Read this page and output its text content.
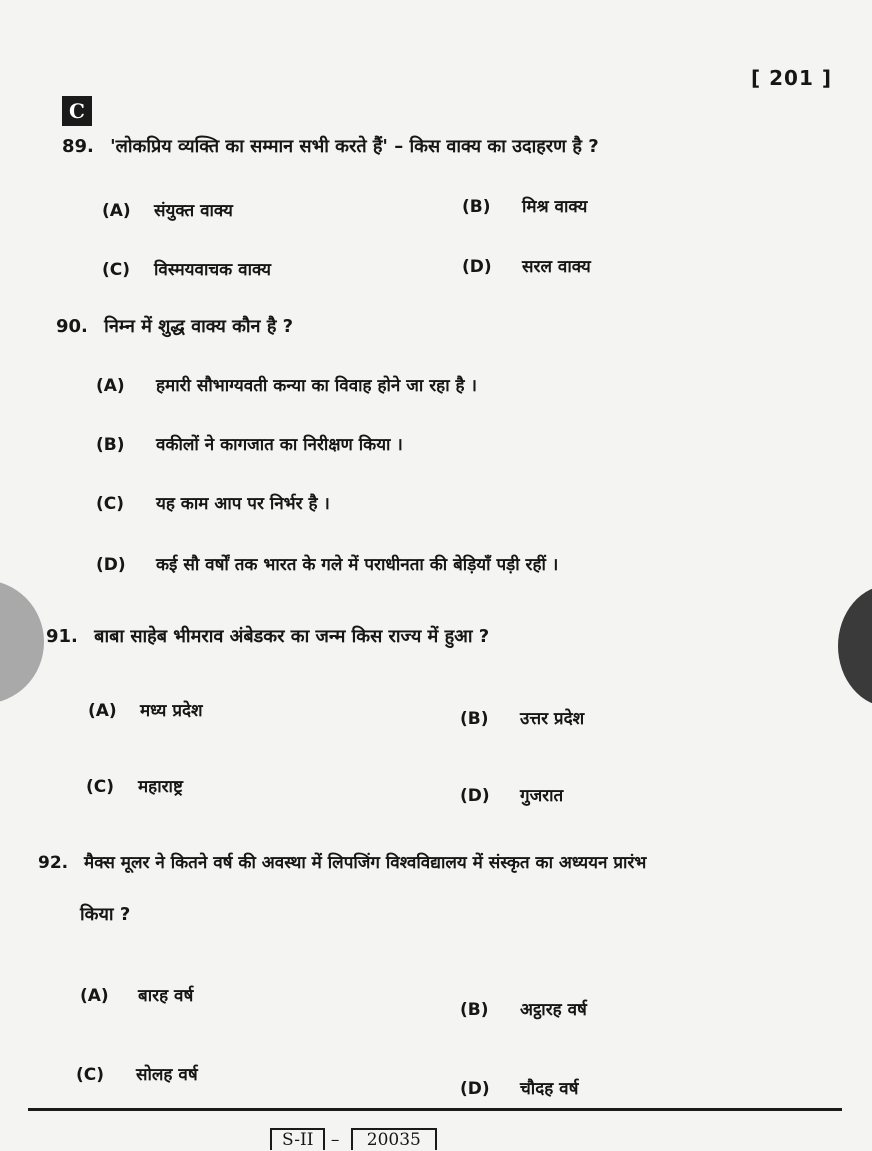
[ 201 ]
C
89. 'लोकप्रिय व्यक्ति का सम्मान सभी करते हैं' – किस वाक्य का उदाहरण है ?
(A) संयुक्त वाक्य	(B) मिश्र वाक्य
(C) विस्मयवाचक वाक्य	(D) सरल वाक्य
90. निम्न में शुद्ध वाक्य कौन है ?
(A) हमारी सौभाग्यवती कन्या का विवाह होने जा रहा है ।
(B) वकीलों ने कागजात का निरीक्षण किया ।
(C) यह काम आप पर निर्भर है ।
(D) कई सौ वर्षों तक भारत के गले में पराधीनता की बेड़ियाँ पड़ी रहीं ।
91. बाबा साहेब भीमराव अंबेडकर का जन्म किस राज्य में हुआ ?
(A) मध्य प्रदेश	(B) उत्तर प्रदेश
(C) महाराष्ट्र	(D) गुजरात
92. मैक्स मूलर ने कितने वर्ष की अवस्था में लिपजिंग विश्वविद्यालय में संस्कृत का अध्ययन प्रारंभ
किया ?
(A) बारह वर्ष
(B) अट्ठारह वर्ष
(C) सोलह वर्ष
(D) चौदह वर्ष
S-II – 20035
